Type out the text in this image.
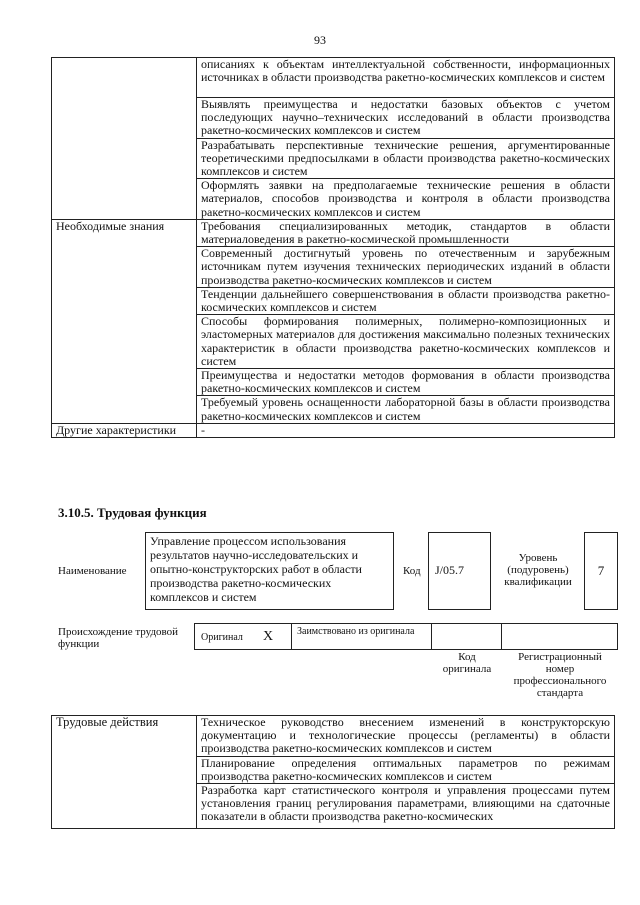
93
	описаниях к объектам интеллектуальной собственности, информационных источниках в области производства ракетно-космических комплексов и систем
	Выявлять преимущества и недостатки базовых объектов с учетом последующих научно–технических исследований в области производства ракетно-космических комплексов и систем
	Разрабатывать перспективные технические решения, аргументированные теоретическими предпосылками в области производства ракетно-космических комплексов и систем
	Оформлять заявки на предполагаемые технические решения в области материалов, способов производства и контроля в области производства ракетно-космических комплексов и систем
Необходимые знания	Требования специализированных методик, стандартов в области материаловедения в ракетно-космической промышленности
	Современный достигнутый уровень по отечественным и зарубежным источникам путем изучения технических периодических изданий в области производства ракетно-космических комплексов и систем
	Тенденции дальнейшего совершенствования в области производства ракетно-космических комплексов и систем
	Способы формирования полимерных, полимерно-композиционных и эластомерных материалов для достижения максимально полезных технических характеристик в области производства ракетно-космических комплексов и систем
	Преимущества и недостатки методов формования в области производства ракетно-космических комплексов и систем
	Требуемый уровень оснащенности лабораторной базы в области производства ракетно-космических комплексов и систем
Другие характеристики	-
3.10.5. Трудовая функция
Наименование
Управление процессом использования результатов научно-исследовательских и опытно-конструкторских работ в области производства ракетно-космических комплексов и систем
Код	J/05.7
Уровень (подуровень) квалификации
7
Происхождение трудовой функции
Оригинал X	Заимствовано из оригинала
Код оригинала
Регистрационный номер профессионального стандарта
Трудовые действия	Техническое руководство внесением изменений в конструкторскую документацию и технологические процессы (регламенты) в области производства ракетно-космических комплексов и систем
Планирование определения оптимальных параметров по режимам производства ракетно-космических комплексов и систем
Разработка карт статистического контроля и управления процессами путем установления границ регулирования параметрами, влияющими на сдаточные показатели в области производства ракетно-космических
